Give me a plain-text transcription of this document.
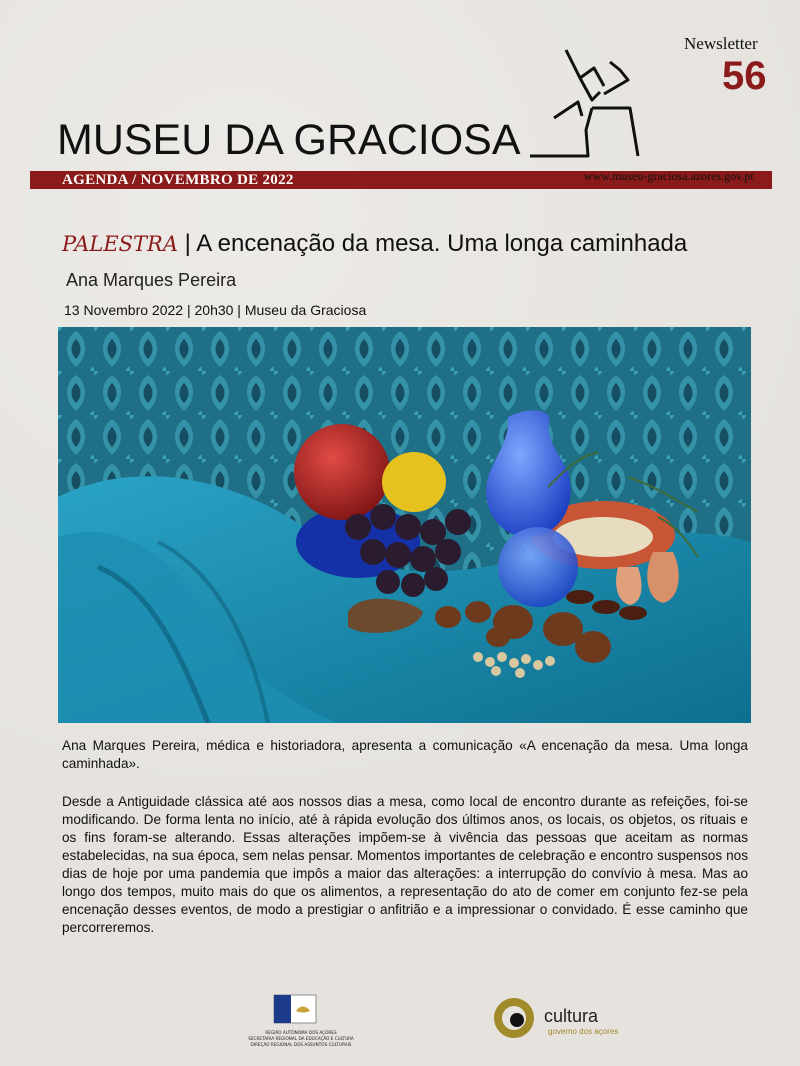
Newsletter
56
MUSEU DA GRACIOSA
AGENDA / NOVEMBRO DE 2022	www.museu-graciosa.azores.gov.pt
PALESTRA | A encenação da mesa. Uma longa caminhada
Ana Marques Pereira
13 Novembro 2022 | 20h30 | Museu da Graciosa

Ana Marques Pereira, médica e historiadora, apresenta a comunicação «A encenação da mesa. Uma longa caminhada».

Desde a Antiguidade clássica até aos nossos dias a mesa, como local de encontro durante as refeições, foi-se modificando. De forma lenta no início, até à rápida evolução dos últimos anos, os locais, os objetos, os rituais e os fins foram-se alterando. Essas alterações impõem-se à vivência das pessoas que aceitam as normas estabelecidas, na sua época, sem nelas pensar. Momentos importantes de celebração e encontro suspensos nos dias de hoje por uma pandemia que impôs a maior das alterações: a interrupção do convívio à mesa. Mas ao longo dos tempos, muito mais do que os alimentos, a representação do ato de comer em conjunto fez-se pela encenação desses eventos, de modo a prestigiar o anfitrião e a impressionar o convidado. É esse caminho que percorreremos.

REGIÃO AUTÓNOMA DOS AÇORES
SECRETARIA REGIONAL DA EDUCAÇÃO E CULTURA
DIREÇÃO REGIONAL DOS ASSUNTOS CULTURAIS
cultura
governo dos açores
